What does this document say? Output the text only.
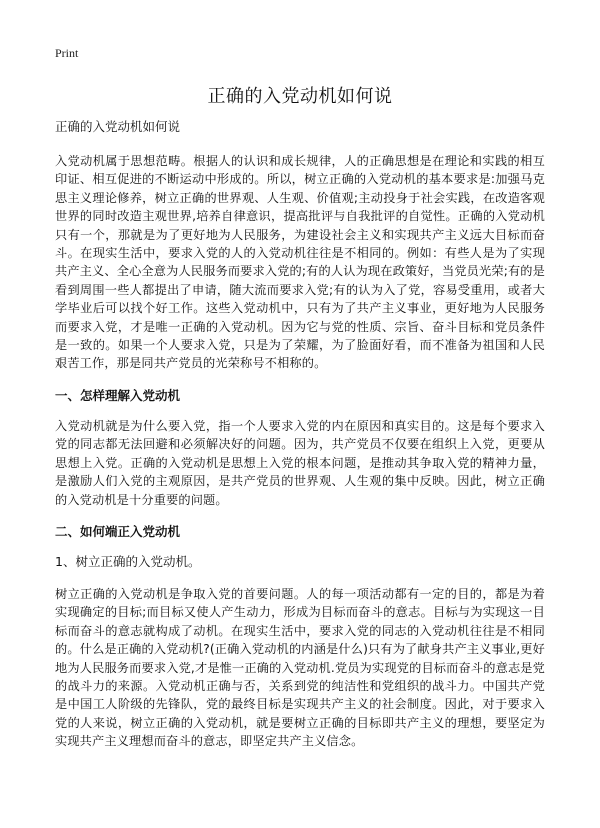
Print
正确的入党动机如何说

正确的入党动机如何说

入党动机属于思想范畴。根据人的认识和成长规律，人的正确思想是在理论和实践的相互印证、相互促进的不断运动中形成的。所以，树立正确的入党动机的基本要求是:加强马克思主义理论修养，树立正确的世界观、人生观、价值观;主动投身于社会实践，在改造客观世界的同时改造主观世界,培养自律意识，提高批评与自我批评的自觉性。正确的入党动机只有一个，那就是为了更好地为人民服务，为建设社会主义和实现共产主义远大目标而奋斗。在现实生活中，要求入党的人的入党动机往往是不相同的。例如：有些人是为了实现共产主义、全心全意为人民服务而要求入党的;有的人认为现在政策好，当党员光荣;有的是看到周围一些人都提出了申请，随大流而要求入党;有的认为入了党，容易受重用，或者大学毕业后可以找个好工作。这些入党动机中，只有为了共产主义事业，更好地为人民服务而要求入党，才是唯一正确的入党动机。因为它与党的性质、宗旨、奋斗目标和党员条件是一致的。如果一个人要求入党，只是为了荣耀，为了脸面好看，而不准备为祖国和人民艰苦工作，那是同共产党员的光荣称号不相称的。

一、怎样理解入党动机

入党动机就是为什么要入党，指一个人要求入党的内在原因和真实目的。这是每个要求入党的同志都无法回避和必须解决好的问题。因为，共产党员不仅要在组织上入党，更要从思想上入党。正确的入党动机是思想上入党的根本问题，是推动其争取入党的精神力量，是激励人们入党的主观原因，是共产党员的世界观、人生观的集中反映。因此，树立正确的入党动机是十分重要的问题。

二、如何端正入党动机

1、树立正确的入党动机。

树立正确的入党动机是争取入党的首要问题。人的每一项活动都有一定的目的，都是为着实现确定的目标;而目标又使人产生动力，形成为目标而奋斗的意志。目标与为实现这一目标而奋斗的意志就构成了动机。在现实生活中，要求入党的同志的入党动机往往是不相同的。什么是正确的入党动机?(正确入党动机的内涵是什么)只有为了献身共产主义事业,更好地为人民服务而要求入党,才是惟一正确的入党动机.党员为实现党的目标而奋斗的意志是党的战斗力的来源。入党动机正确与否，关系到党的纯洁性和党组织的战斗力。中国共产党是中国工人阶级的先锋队，党的最终目标是实现共产主义的社会制度。因此，对于要求入党的人来说，树立正确的入党动机，就是要树立正确的目标即共产主义的理想，要坚定为实现共产主义理想而奋斗的意志，即坚定共产主义信念。
